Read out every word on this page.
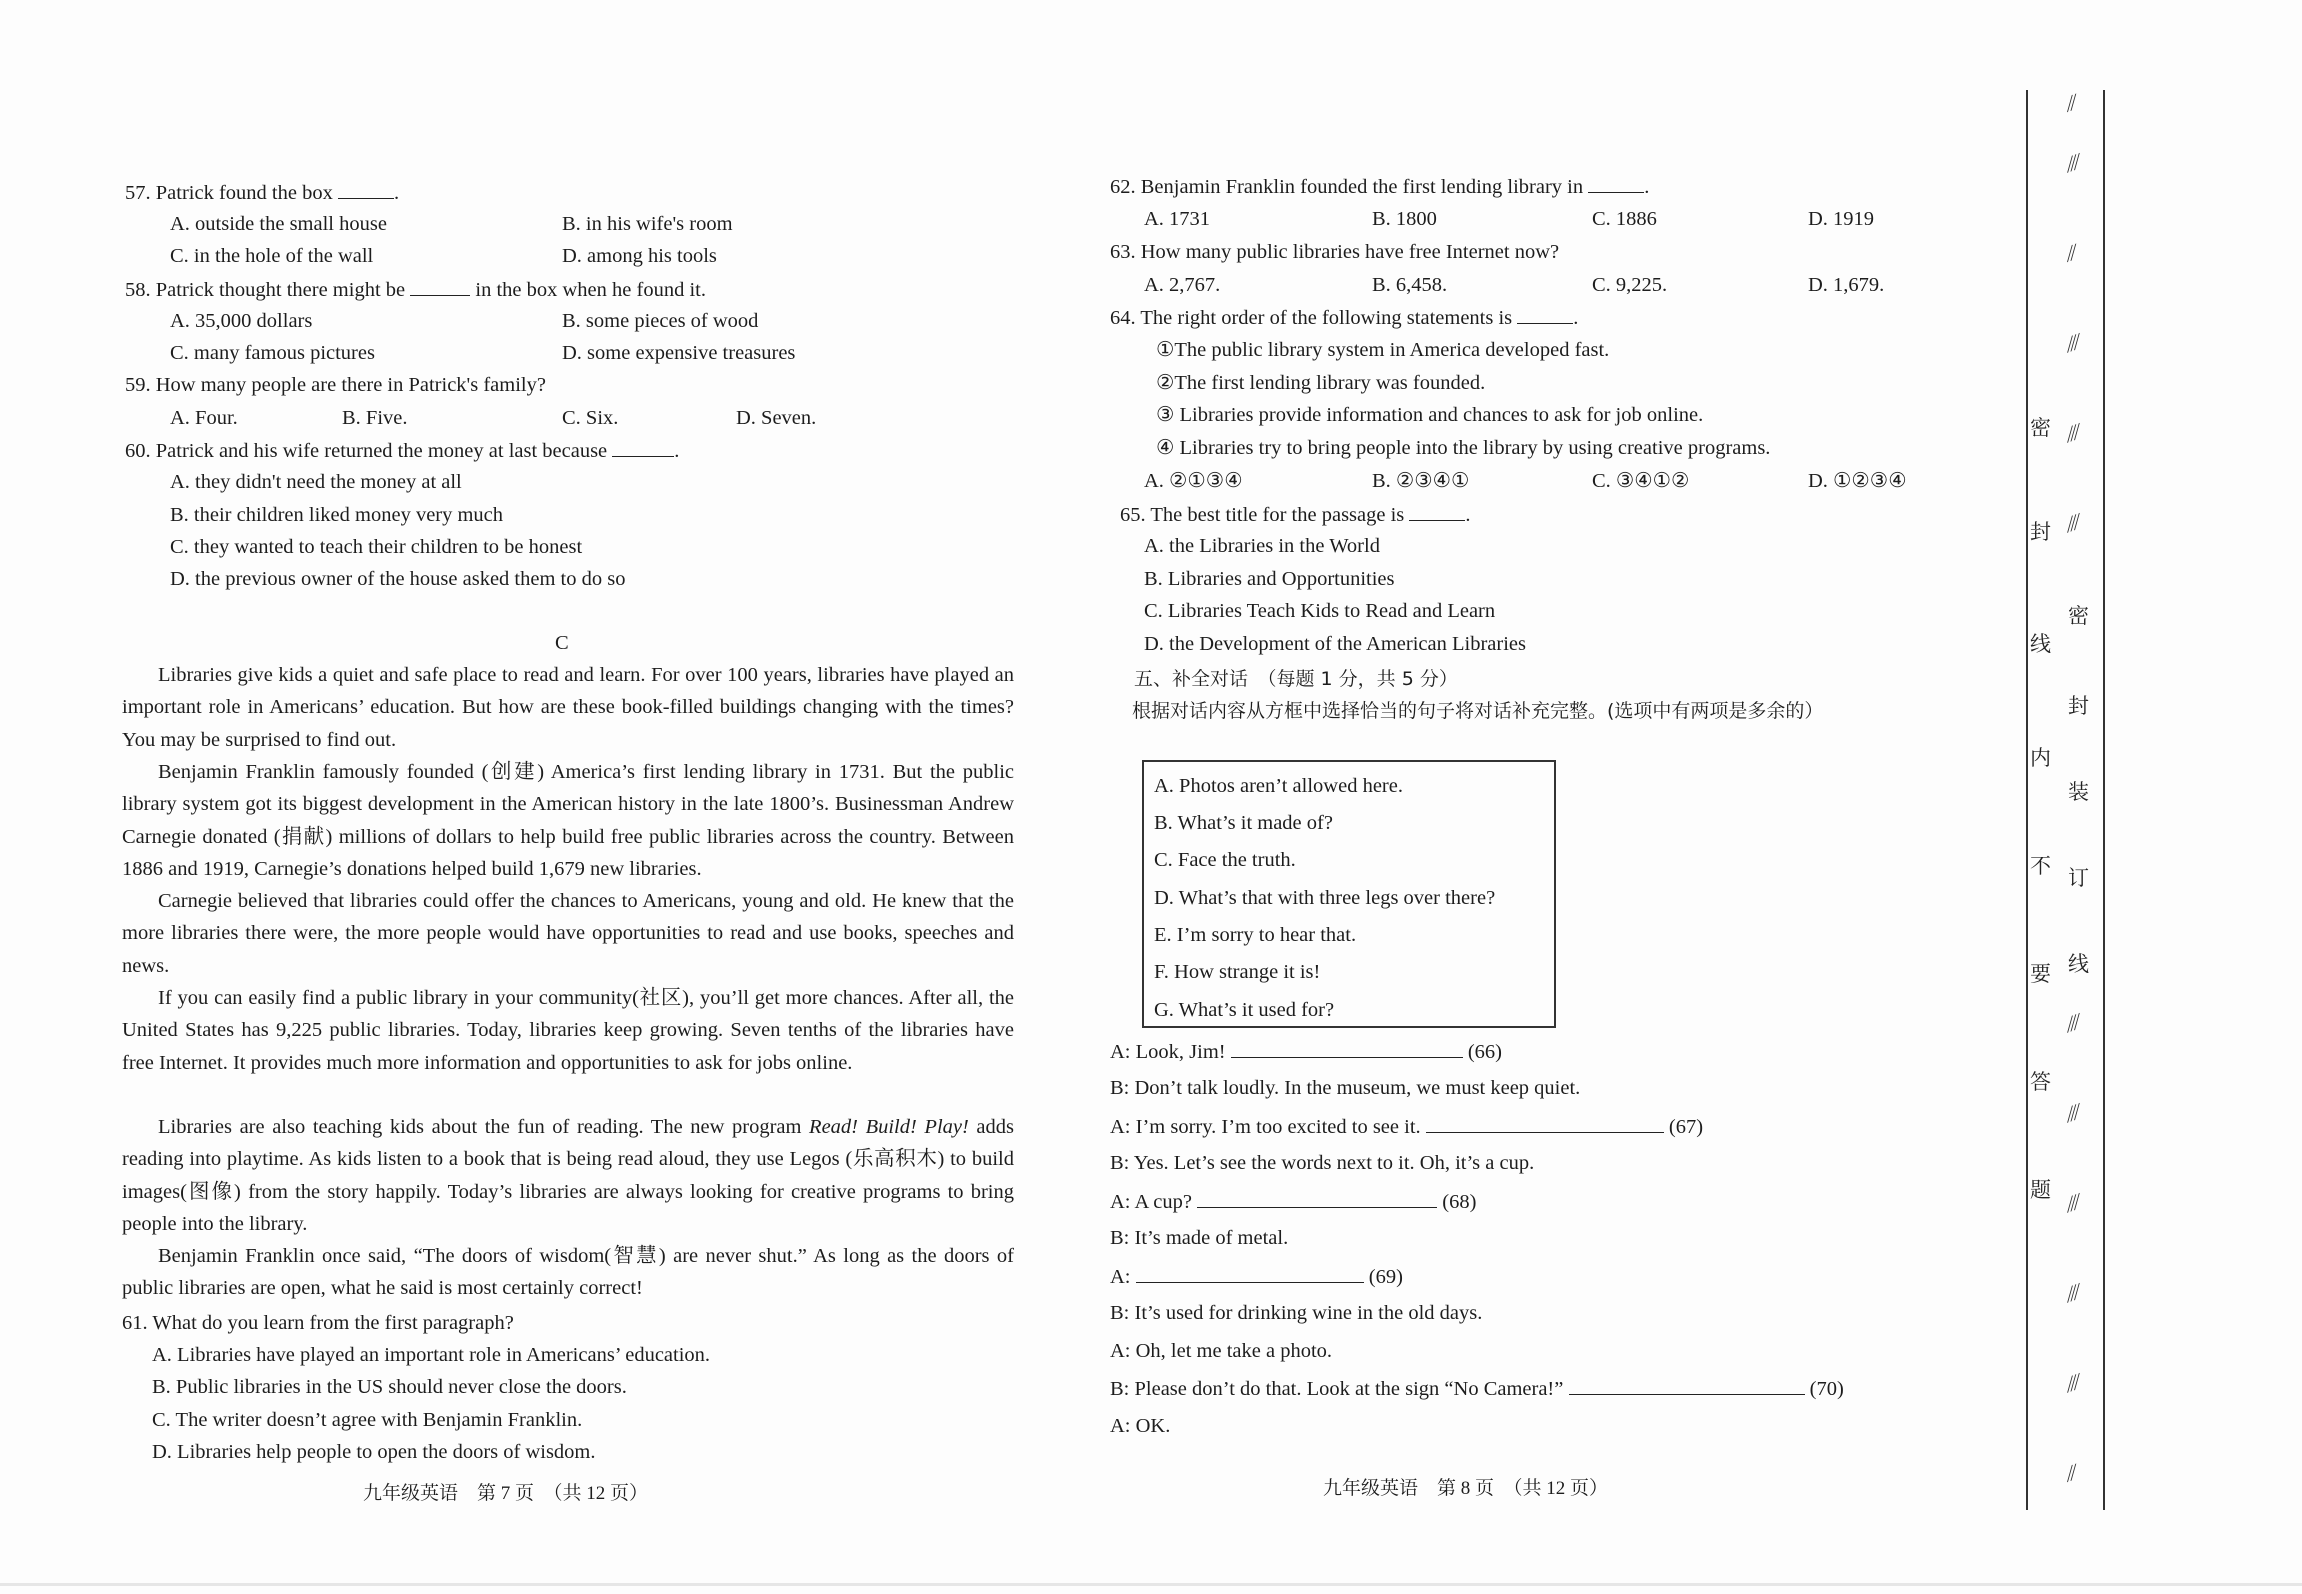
57. Patrick found the box	.
A. outside the small house	B. in his wife's room
C. in the hole of the wall	D. among his tools
58. Patrick thought there might be	in the box when he found it.
A. 35,000 dollars	B. some pieces of wood
C. many famous pictures	D. some expensive treasures
59. How many people are there in Patrick's family?
A. Four.	B. Five.	C. Six.	D. Seven.
60. Patrick and his wife returned the money at last because	.
A. they didn't need the money at all
B. their children liked money very much
C. they wanted to teach their children to be honest
D. the previous owner of the house asked them to do so
C
Libraries give kids a quiet and safe place to read and learn. For over 100 years, libraries have played an important role in Americans’ education. But how are these book-filled buildings changing with the times? You may be surprised to find out.
Benjamin Franklin famously founded (创建) America’s first lending library in 1731. But the public library system got its biggest development in the American history in the late 1800’s. Businessman Andrew Carnegie donated (捐献) millions of dollars to help build free public libraries across the country. Between 1886 and 1919, Carnegie’s donations helped build 1,679 new libraries.
Carnegie believed that libraries could offer the chances to Americans, young and old. He knew that the more libraries there were, the more people would have opportunities to read and use books, speeches and news.
If you can easily find a public library in your community(社区), you’ll get more chances. After all, the United States has 9,225 public libraries. Today, libraries keep growing. Seven tenths of the libraries have free Internet. It provides much more information and opportunities to ask for jobs online.
Libraries are also teaching kids about the fun of reading. The new program Read! Build! Play! adds reading into playtime. As kids listen to a book that is being read aloud, they use Legos (乐高积木) to build images(图像) from the story happily. Today’s libraries are always looking for creative programs to bring people into the library.
Benjamin Franklin once said, “The doors of wisdom(智慧) are never shut.” As long as the doors of public libraries are open, what he said is most certainly correct!
61. What do you learn from the first paragraph?
A. Libraries have played an important role in Americans’ education.
B. Public libraries in the US should never close the doors.
C. The writer doesn’t agree with Benjamin Franklin.
D. Libraries help people to open the doors of wisdom.
九年级英语　第 7 页　（共 12 页）
62. Benjamin Franklin founded the first lending library in	.
A. 1731	B. 1800	C. 1886	D. 1919
63. How many public libraries have free Internet now?
A. 2,767.	B. 6,458.	C. 9,225.	D. 1,679.
64. The right order of the following statements is	.
①The public library system in America developed fast.
②The first lending library was founded.
③ Libraries provide information and chances to ask for job online.
④ Libraries try to bring people into the library by using creative programs.
A. ②①③④	B. ②③④①	C. ③④①②	D. ①②③④
65. The best title for the passage is	.
A. the Libraries in the World
B. Libraries and Opportunities
C. Libraries Teach Kids to Read and Learn
D. the Development of the American Libraries
五、补全对话　（每题 1 分，共 5 分）
根据对话内容从方框中选择恰当的句子将对话补充完整。(选项中有两项是多余的）
A: Look, Jim!	(66)
B: Don’t talk loudly. In the museum, we must keep quiet.
A: I’m sorry. I’m too excited to see it.	(67)
B: Yes. Let’s see the words next to it. Oh, it’s a cup.
A: A cup?	(68)
B: It’s made of metal.
A:	(69)
B: It’s used for drinking wine in the old days.
A: Oh, let me take a photo.
B: Please don’t do that. Look at the sign “No Camera!”	(70)
A: OK.
九年级英语　第 8 页　（共 12 页）
A. Photos aren’t allowed here.
B. What’s it made of?
C. Face the truth.
D. What’s that with three legs over there?
E. I’m sorry to hear that.
F. How strange it is!
G. What’s it used for?
密
封
线
内
不
要
答
题
密
封
装
订
线
∕∕
∕∕∕
∕∕
∕∕∕
∕∕∕
∕∕∕
∕∕∕
∕∕∕
∕∕∕
∕∕∕
∕∕∕
∕∕
